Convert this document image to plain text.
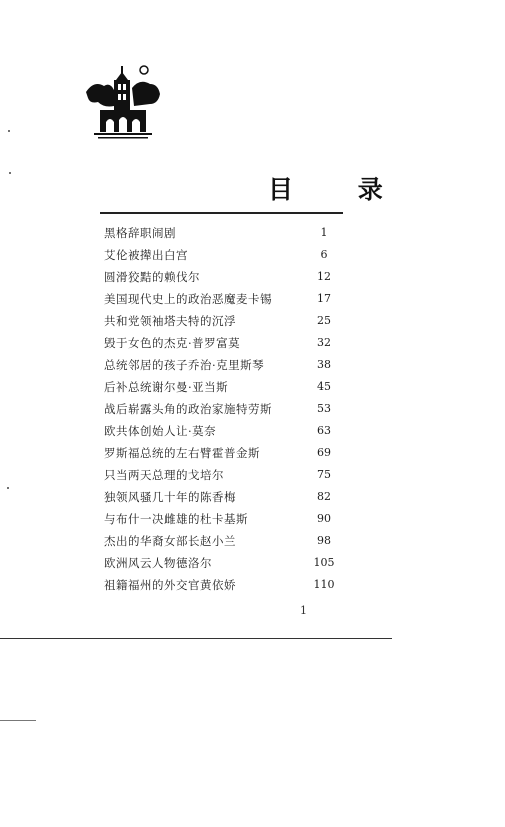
目 录
黑格辞职闹剧	1
艾伦被撵出白宫	6
圆滑狡黠的赖伐尔	12
美国现代史上的政治恶魔麦卡锡	17
共和党领袖塔夫特的沉浮	25
毁于女色的杰克·普罗富莫	32
总统邻居的孩子乔治·克里斯琴	38
后补总统谢尔曼·亚当斯	45
战后崭露头角的政治家施特劳斯	53
欧共体创始人让·莫奈	63
罗斯福总统的左右臂霍普金斯	69
只当两天总理的戈培尔	75
独领风骚几十年的陈香梅	82
与布什一决雌雄的杜卡基斯	90
杰出的华裔女部长赵小兰	98
欧洲风云人物德洛尔	105
祖籍福州的外交官黄依娇	110
1
